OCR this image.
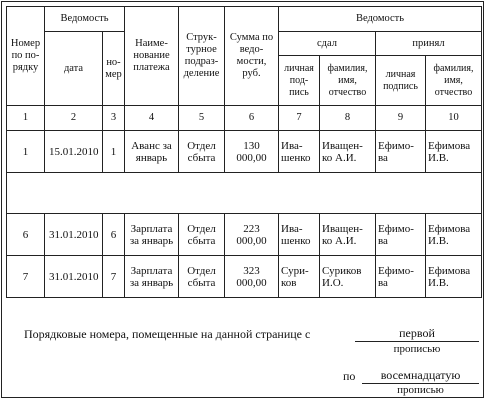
Номер по по-рядку	Ведомость		Наиме-нование платежа	Струк-турное подраз-деление	Сумма по ведо-мости, руб.	Ведомость			
	дата	но-мер				сдал		принял	
						личная под-пись	фамилия, имя, отчество	личная подпись	фамилия, имя, отчество
1	2	3	4	5	6	7	8	9	10
1	15.01.2010	1	Аванс за январь	Отдел сбыта	130 000,00	Ива-шенко	Иващен-ко А.И.	Ефимо-ва	Ефимова И.В.

6	31.01.2010	6	Зарплата за январь	Отдел сбыта	223 000,00	Ива-шенко	Иващен-ко А.И.	Ефимо-ва	Ефимова И.В.
7	31.01.2010	7	Зарплата за январь	Отдел сбыта	323 000,00	Сури-ков	Суриков И.О.	Ефимо-ва	Ефимова И.В.
Порядковые номера, помещенные на данной странице с	первой
прописью
по	восемнадцатую
прописью
